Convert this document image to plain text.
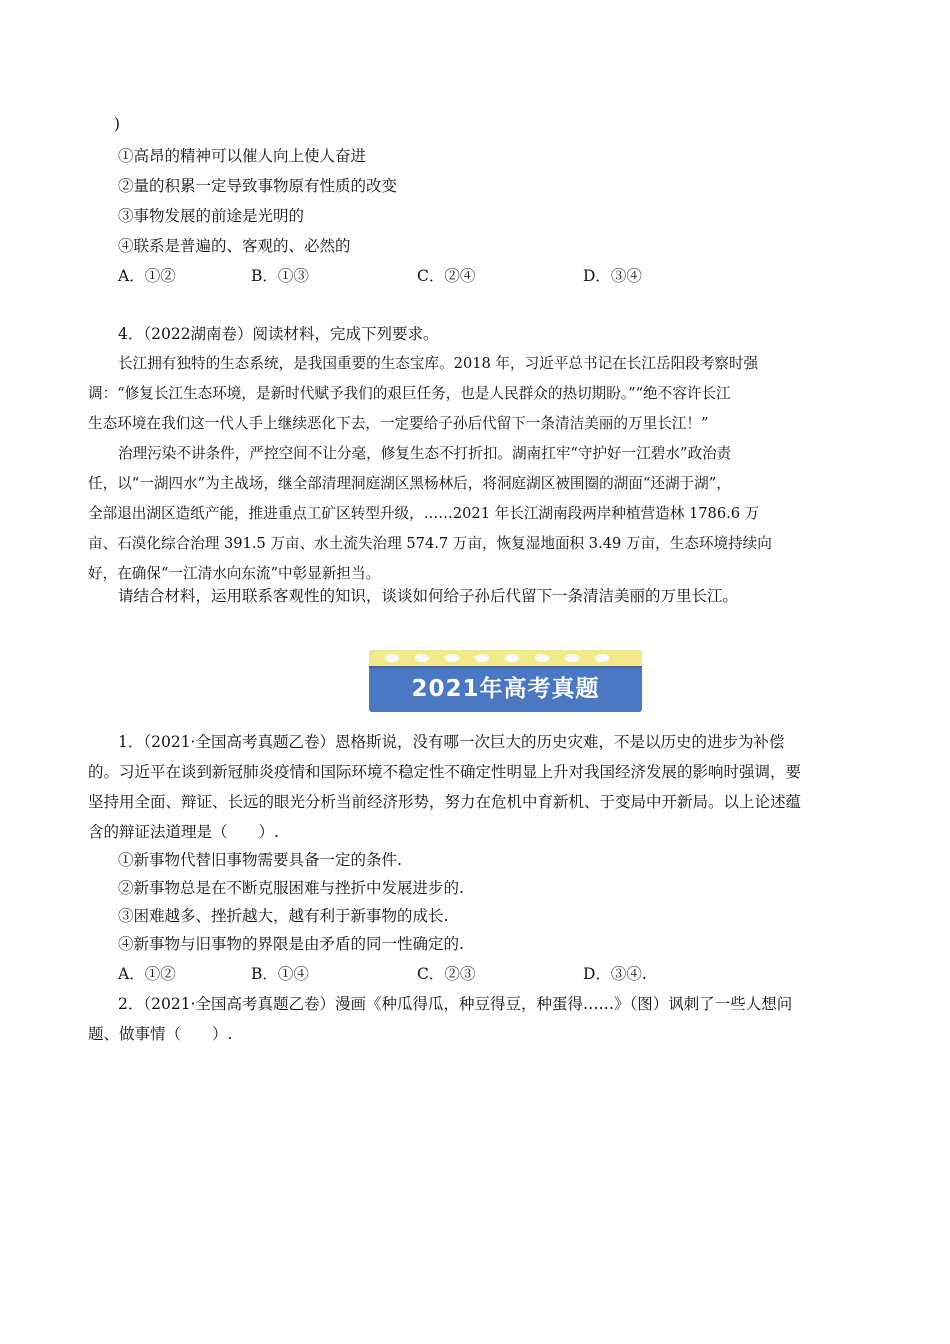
)
①高昂的精神可以催人向上使人奋进
②量的积累一定导致事物原有性质的改变
③事物发展的前途是光明的
④联系是普遍的、客观的、必然的
A．①②	B．①③	C．②④	D．③④
4．（2022湖南卷）阅读材料，完成下列要求。
长江拥有独特的生态系统，是我国重要的生态宝库。2018 年，习近平总书记在长江岳阳段考察时强
调：“修复长江生态环境，是新时代赋予我们的艰巨任务，也是人民群众的热切期盼。”“绝不容许长江
生态环境在我们这一代人手上继续恶化下去，一定要给子孙后代留下一条清洁美丽的万里长江！”
治理污染不讲条件，严控空间不让分毫，修复生态不打折扣。湖南扛牢“守护好一江碧水”政治责
任，以“一湖四水”为主战场，继全部清理洞庭湖区黑杨林后，将洞庭湖区被围圈的湖面“还湖于湖”，
全部退出湖区造纸产能，推进重点工矿区转型升级，……2021 年长江湖南段两岸种植营造林 1786.6 万
亩、石漠化综合治理 391.5 万亩、水土流失治理 574.7 万亩，恢复湿地面积 3.49 万亩，生态环境持续向
好，在确保“一江清水向东流”中彰显新担当。
请结合材料，运用联系客观性的知识，谈谈如何给子孙后代留下一条清洁美丽的万里长江。
2021年高考真题
1．（2021·全国高考真题乙卷）恩格斯说，没有哪一次巨大的历史灾难，不是以历史的进步为补偿
的。习近平在谈到新冠肺炎疫情和国际环境不稳定性不确定性明显上升对我国经济发展的影响时强调，要
坚持用全面、辩证、长远的眼光分析当前经济形势，努力在危机中育新机、于变局中开新局。以上论述蕴
含的辩证法道理是（　　）.
①新事物代替旧事物需要具备一定的条件.
②新事物总是在不断克服困难与挫折中发展进步的.
③困难越多、挫折越大，越有利于新事物的成长.
④新事物与旧事物的界限是由矛盾的同一性确定的.
A．①②	B．①④	C．②③	D．③④.
2．（2021·全国高考真题乙卷）漫画《种瓜得瓜，种豆得豆，种蛋得……》（图）讽刺了一些人想问
题、做事情（　　）.
